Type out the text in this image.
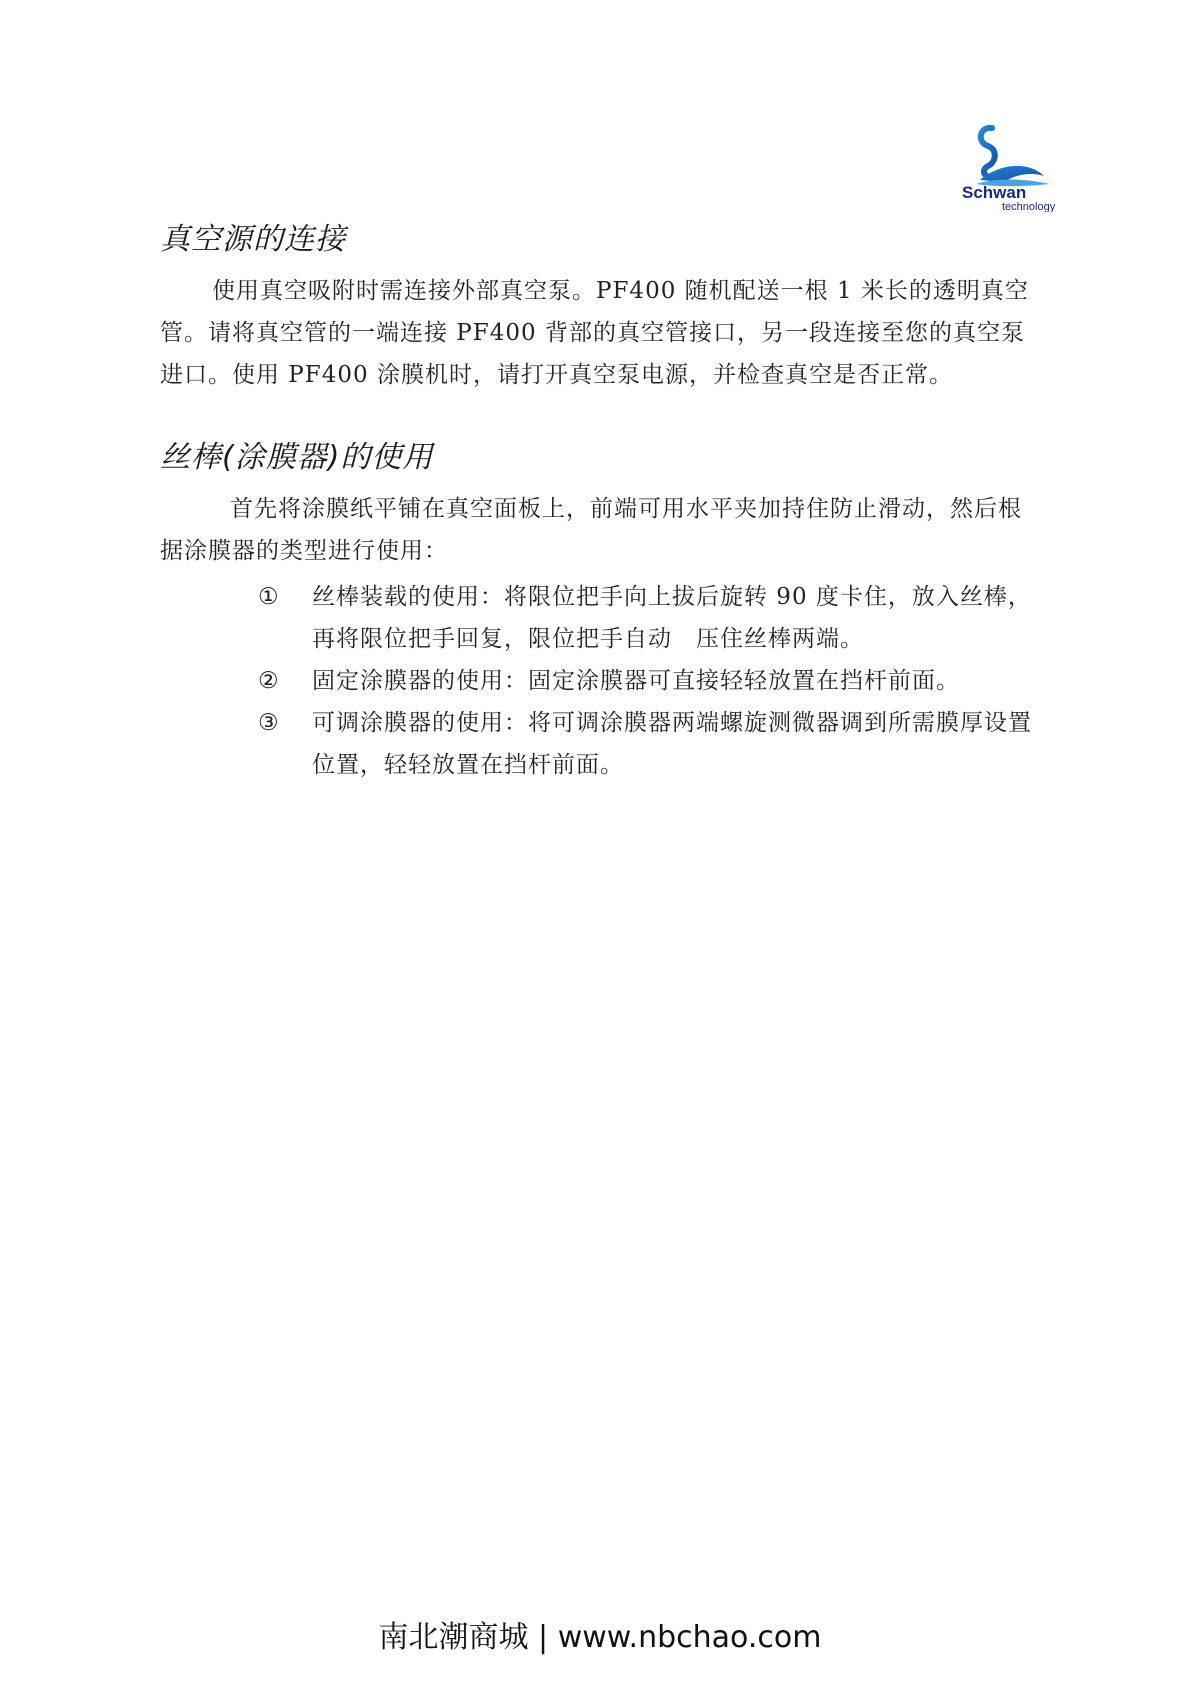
Schwan
technology
真空源的连接
使用真空吸附时需连接外部真空泵。PF400 随机配送一根 1 米长的透明真空管。请将真空管的一端连接 PF400 背部的真空管接口，另一段连接至您的真空泵进口。使用 PF400 涂膜机时，请打开真空泵电源，并检查真空是否正常。
丝棒(涂膜器)的使用
首先将涂膜纸平铺在真空面板上，前端可用水平夹加持住防止滑动，然后根据涂膜器的类型进行使用：
① 丝棒装载的使用：将限位把手向上拔后旋转 90 度卡住，放入丝棒，再将限位把手回复，限位把手自动　压住丝棒两端。
② 固定涂膜器的使用：固定涂膜器可直接轻轻放置在挡杆前面。
③ 可调涂膜器的使用：将可调涂膜器两端螺旋测微器调到所需膜厚设置位置，轻轻放置在挡杆前面。
南北潮商城 | www.nbchao.com
